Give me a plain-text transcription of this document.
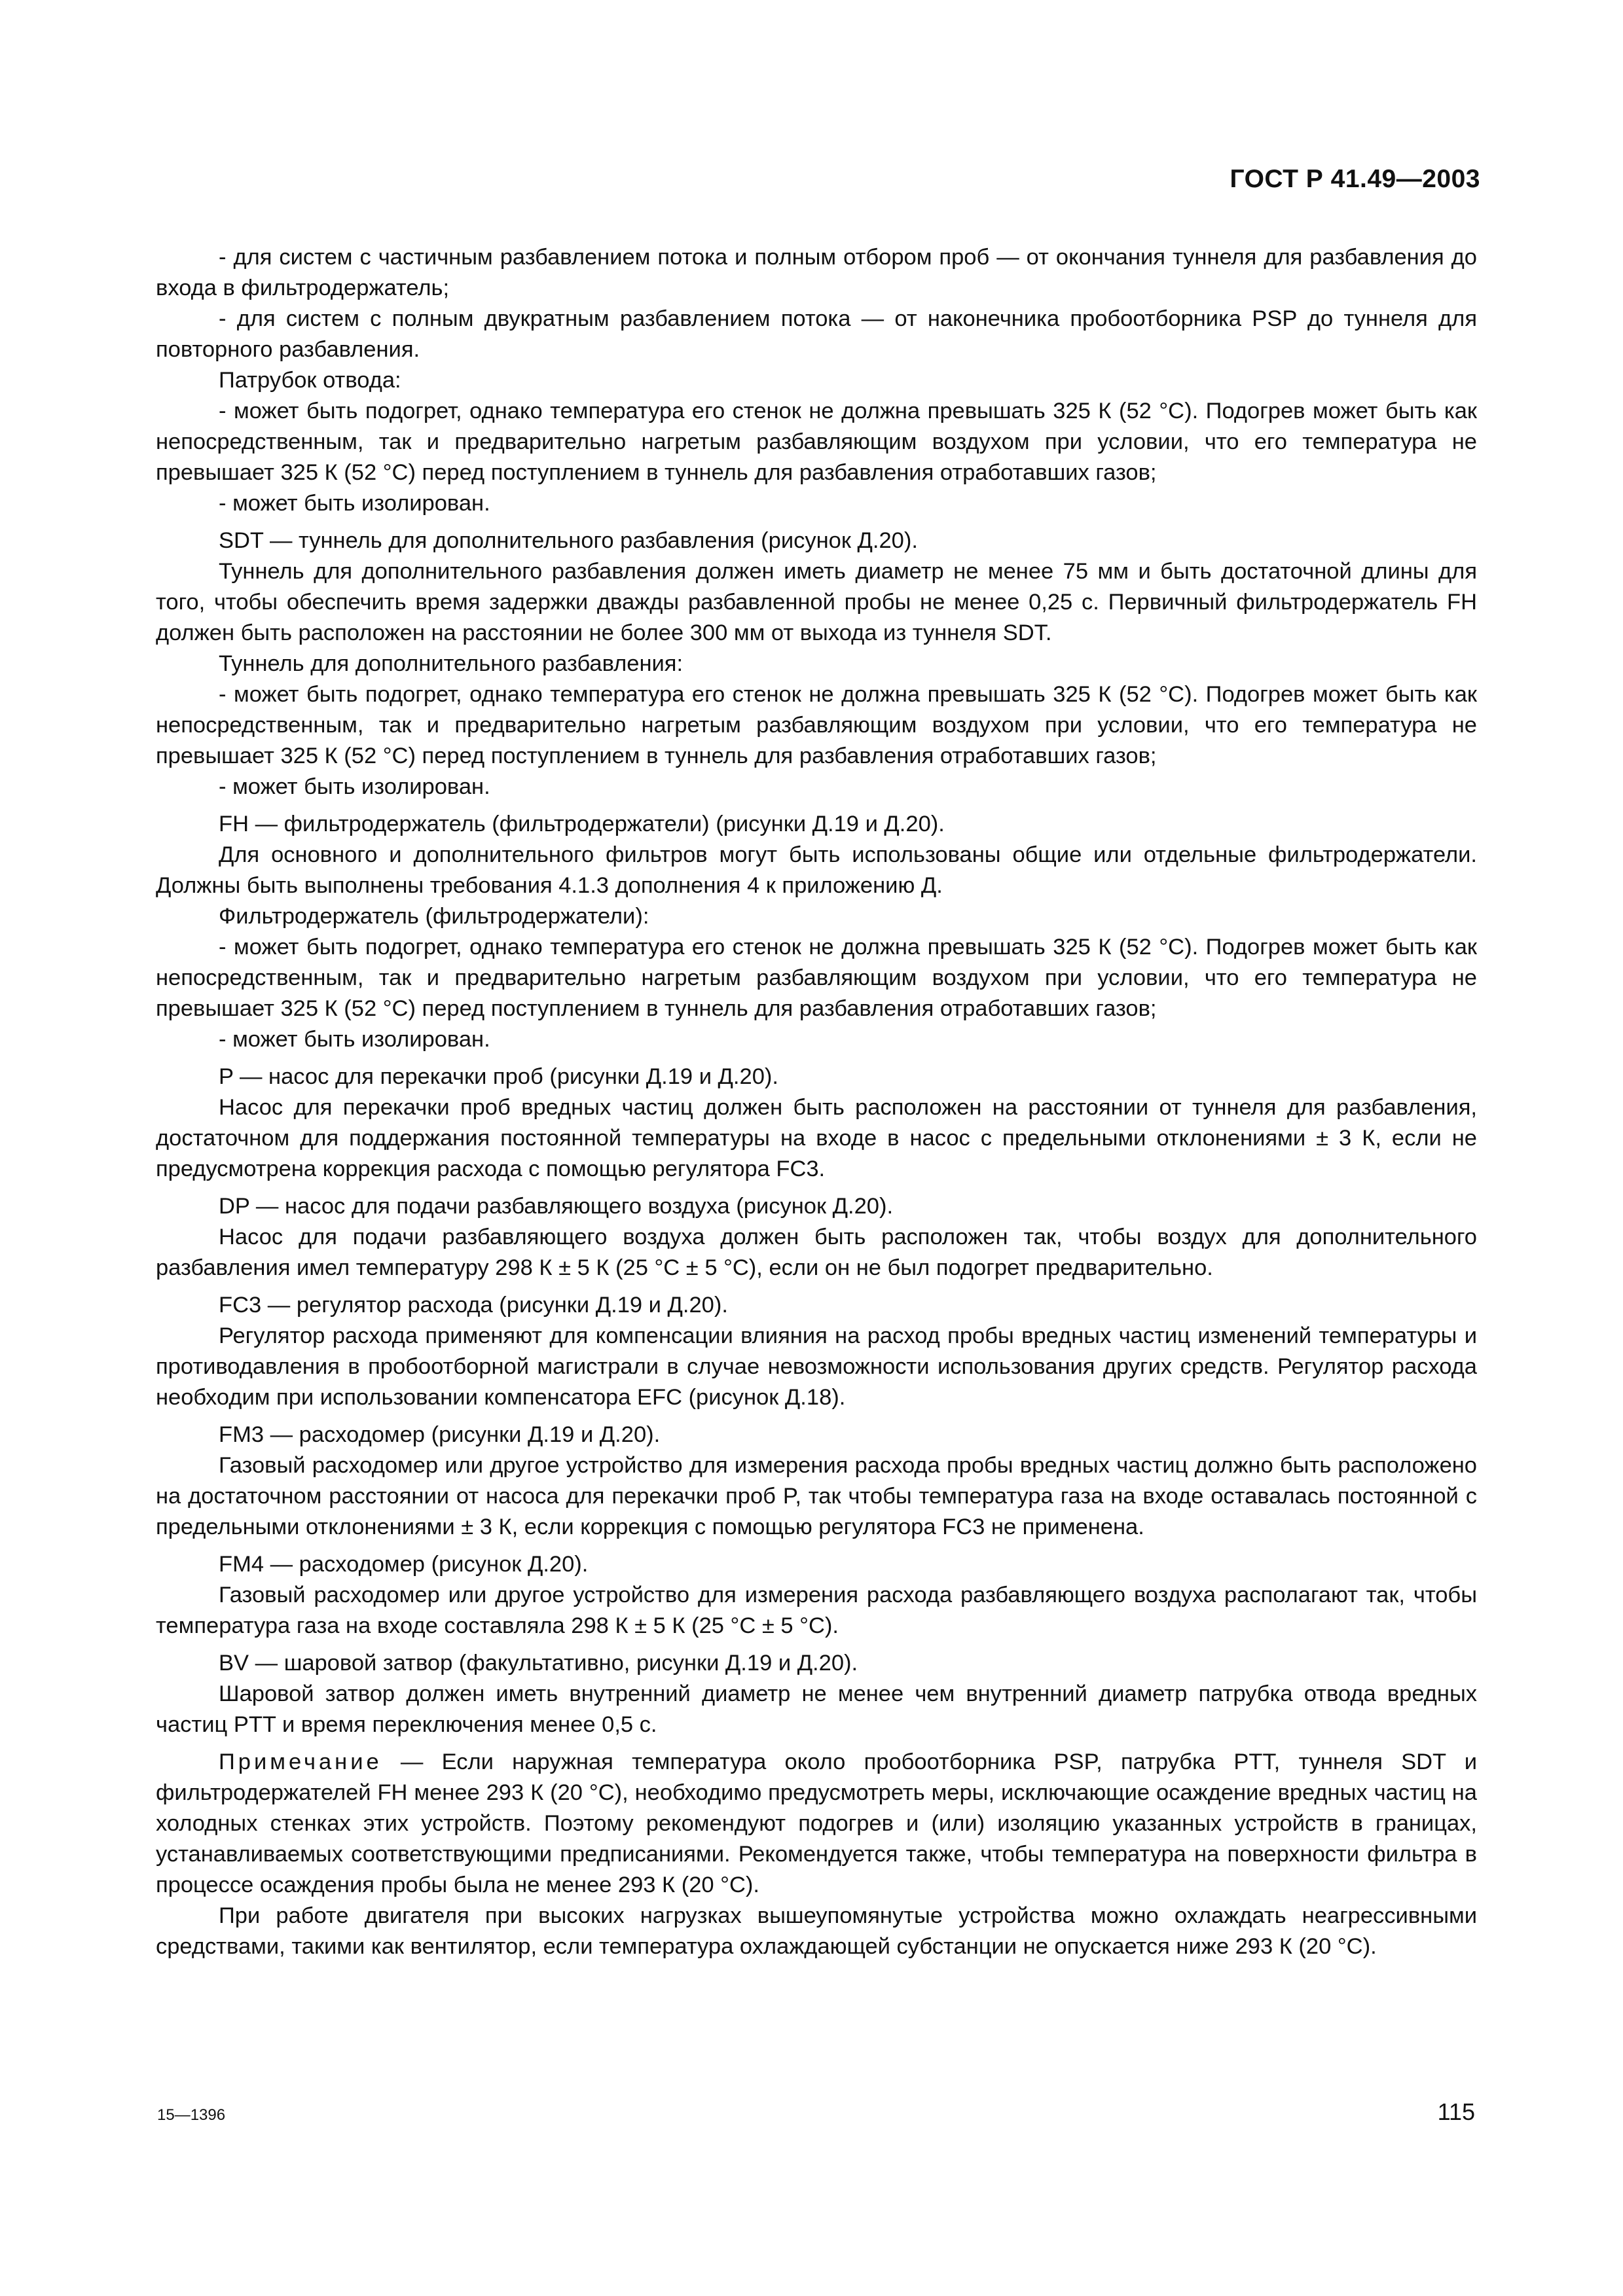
ГОСТ Р 41.49—2003

- для систем с частичным разбавлением потока и полным отбором проб — от окончания туннеля для разбавления до входа в фильтродержатель;

- для систем с полным двукратным разбавлением потока — от наконечника пробоотборника PSP до туннеля для повторного разбавления.

Патрубок отвода:

- может быть подогрет, однако температура его стенок не должна превышать 325 К (52 °С). Подогрев может быть как непосредственным, так и предварительно нагретым разбавляющим воздухом при условии, что его температура не превышает 325 К (52 °С) перед поступлением в туннель для разбавления отработавших газов;

- может быть изолирован.

SDT — туннель для дополнительного разбавления (рисунок Д.20).

Туннель для дополнительного разбавления должен иметь диаметр не менее 75 мм и быть достаточной длины для того, чтобы обеспечить время задержки дважды разбавленной пробы не менее 0,25 с. Первичный фильтродержатель FH должен быть расположен на расстоянии не более 300 мм от выхода из туннеля SDT.

Туннель для дополнительного разбавления:

- может быть подогрет, однако температура его стенок не должна превышать 325 К (52 °С). Подогрев может быть как непосредственным, так и предварительно нагретым разбавляющим воздухом при условии, что его температура не превышает 325 К (52 °С) перед поступлением в туннель для разбавления отработавших газов;

- может быть изолирован.

FH — фильтродержатель (фильтродержатели) (рисунки Д.19 и Д.20).

Для основного и дополнительного фильтров могут быть использованы общие или отдельные фильтродержатели. Должны быть выполнены требования 4.1.3 дополнения 4 к приложению Д.

Фильтродержатель (фильтродержатели):

- может быть подогрет, однако температура его стенок не должна превышать 325 К (52 °С). Подогрев может быть как непосредственным, так и предварительно нагретым разбавляющим воздухом при условии, что его температура не превышает 325 К (52 °С) перед поступлением в туннель для разбавления отработавших газов;

- может быть изолирован.

P — насос для перекачки проб (рисунки Д.19 и Д.20).

Насос для перекачки проб вредных частиц должен быть расположен на расстоянии от туннеля для разбавления, достаточном для поддержания постоянной температуры на входе в насос с предельными отклонениями ± 3 К, если не предусмотрена коррекция расхода с помощью регулятора FC3.

DP — насос для подачи разбавляющего воздуха (рисунок Д.20).

Насос для подачи разбавляющего воздуха должен быть расположен так, чтобы воздух для дополнительного разбавления имел температуру 298 К ± 5 К (25 °С ± 5 °С), если он не был подогрет предварительно.

FC3 — регулятор расхода (рисунки Д.19 и Д.20).

Регулятор расхода применяют для компенсации влияния на расход пробы вредных частиц изменений температуры и противодавления в пробоотборной магистрали в случае невозможности использования других средств. Регулятор расхода необходим при использовании компенсатора EFC (рисунок Д.18).

FM3 — расходомер (рисунки Д.19 и Д.20).

Газовый расходомер или другое устройство для измерения расхода пробы вредных частиц должно быть расположено на достаточном расстоянии от насоса для перекачки проб P, так чтобы температура газа на входе оставалась постоянной с предельными отклонениями ± 3 К, если коррекция с помощью регулятора FC3 не применена.

FM4 — расходомер (рисунок Д.20).

Газовый расходомер или другое устройство для измерения расхода разбавляющего воздуха располагают так, чтобы температура газа на входе составляла 298 К ± 5 К (25 °С ± 5 °С).

BV — шаровой затвор (факультативно, рисунки Д.19 и Д.20).

Шаровой затвор должен иметь внутренний диаметр не менее чем внутренний диаметр патрубка отвода вредных частиц PTT и время переключения менее 0,5 с.

Примечание — Если наружная температура около пробоотборника PSP, патрубка PTT, туннеля SDT и фильтродержателей FH менее 293 К (20 °С), необходимо предусмотреть меры, исключающие осаждение вредных частиц на холодных стенках этих устройств. Поэтому рекомендуют подогрев и (или) изоляцию указанных устройств в границах, устанавливаемых соответствующими предписаниями. Рекомендуется также, чтобы температура на поверхности фильтра в процессе осаждения пробы была не менее 293 К (20 °С).

При работе двигателя при высоких нагрузках вышеупомянутые устройства можно охлаждать неагрессивными средствами, такими как вентилятор, если температура охлаждающей субстанции не опускается ниже 293 К (20 °С).

15—1396	115
